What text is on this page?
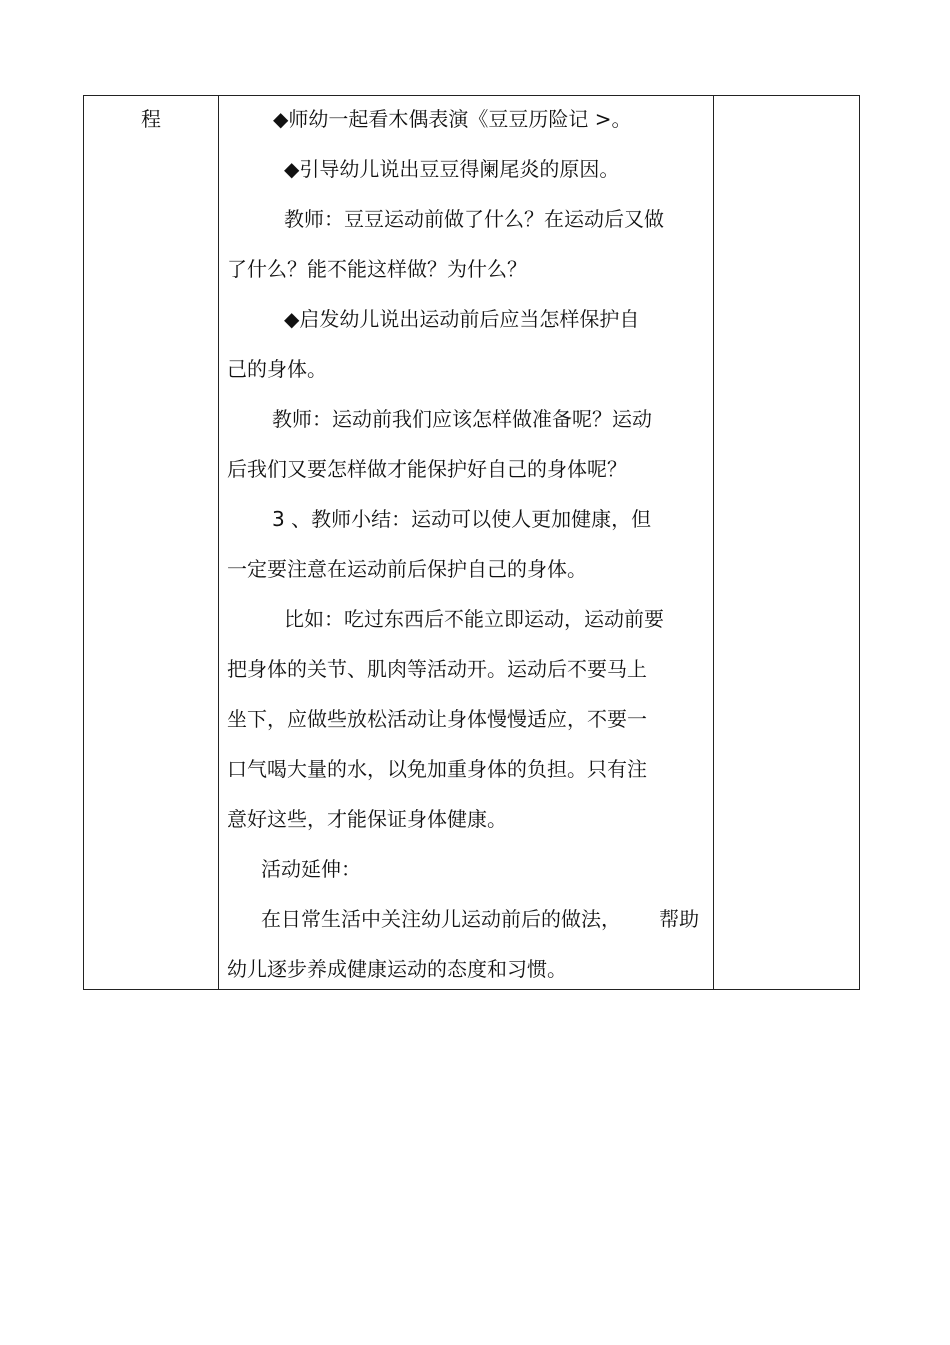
程	◆师幼一起看木偶表演《豆豆历险记 >。
◆引导幼儿说出豆豆得阑尾炎的原因。
教师：豆豆运动前做了什么？在运动后又做
了什么？能不能这样做？为什么？
◆启发幼儿说出运动前后应当怎样保护自
己的身体。
教师：运动前我们应该怎样做准备呢？运动
后我们又要怎样做才能保护好自己的身体呢？
3 、教师小结：运动可以使人更加健康，但
一定要注意在运动前后保护自己的身体。
比如：吃过东西后不能立即运动，运动前要
把身体的关节、肌肉等活动开。运动后不要马上
坐下，应做些放松活动让身体慢慢适应，不要一
口气喝大量的水，以免加重身体的负担。只有注
意好这些，才能保证身体健康。
活动延伸：
在日常生活中关注幼儿运动前后的做法，      帮助
幼儿逐步养成健康运动的态度和习惯。
